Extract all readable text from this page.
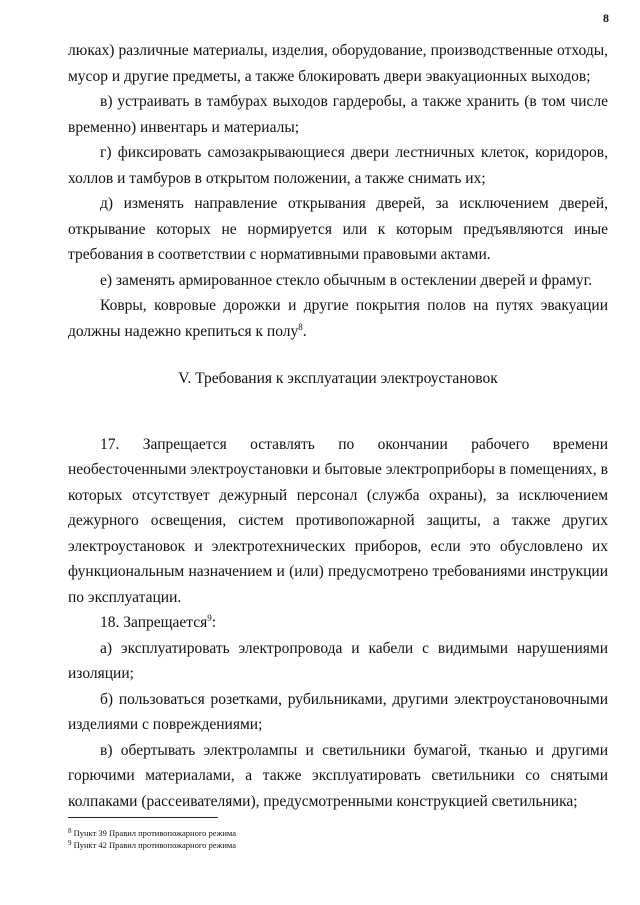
8

люках) различные материалы, изделия, оборудование, производственные отходы, мусор и другие предметы, а также блокировать двери эвакуационных выходов;

в) устраивать в тамбурах выходов гардеробы, а также хранить (в том числе временно) инвентарь и материалы;

г) фиксировать самозакрывающиеся двери лестничных клеток, коридоров, холлов и тамбуров в открытом положении, а также снимать их;

д) изменять направление открывания дверей, за исключением дверей, открывание которых не нормируется или к которым предъявляются иные требования в соответствии с нормативными правовыми актами.

е) заменять армированное стекло обычным в остеклении дверей и фрамуг.

Ковры, ковровые дорожки и другие покрытия полов на путях эвакуации должны надежно крепиться к полу$^8$.

V. Требования к эксплуатации электроустановок

17. Запрещается оставлять по окончании рабочего времени необесточенными электроустановки и бытовые электроприборы в помещениях, в которых отсутствует дежурный персонал (служба охраны), за исключением дежурного освещения, систем противопожарной защиты, а также других электроустановок и электротехнических приборов, если это обусловлено их функциональным назначением и (или) предусмотрено требованиями инструкции по эксплуатации.

18. Запрещается$^9$:

а) эксплуатировать электропровода и кабели с видимыми нарушениями изоляции;

б) пользоваться розетками, рубильниками, другими электроустановочными изделиями с повреждениями;

в) обертывать электролампы и светильники бумагой, тканью и другими горючими материалами, а также эксплуатировать светильники со снятыми колпаками (рассеивателями), предусмотренными конструкцией светильника;

$^8$ Пункт 39 Правил противопожарного режима
$^9$ Пункт 42 Правил противопожарного режима
